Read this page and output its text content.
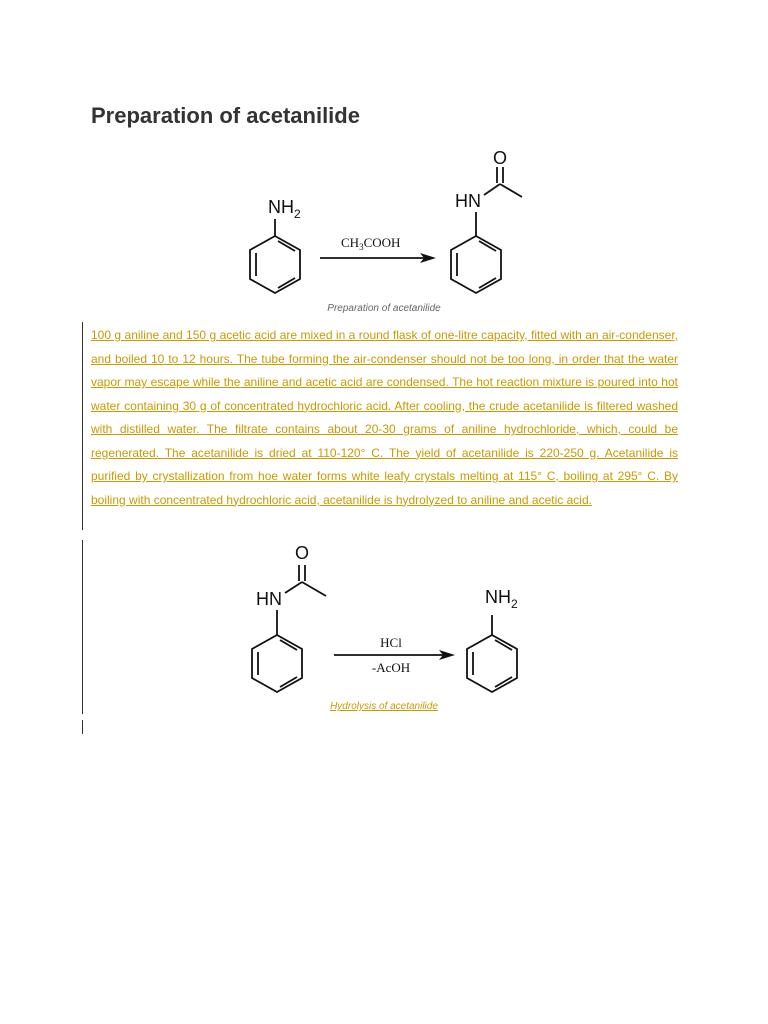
Preparation of acetanilide
$NH_2$
$CH_3COOH$
HN
O
Preparation of acetanilide

100 g aniline and 150 g acetic acid are mixed in a round flask of one-litre capacity, fitted with an air-condenser, and boiled 10 to 12 hours. The tube forming the air-condenser should not be too long, in order that the water vapor may escape while the aniline and acetic acid are condensed. The hot reaction mixture is poured into hot water containing 30 g of concentrated hydrochloric acid. After cooling, the crude acetanilide is filtered washed with distilled water. The filtrate contains about 20-30 grams of aniline hydrochloride, which, could be regenerated. The acetanilide is dried at 110-120° C. The yield of acetanilide is 220-250 g. Acetanilide is purified by crystallization from hoe water forms white leafy crystals melting at 115° C, boiling at 295° C. By boiling with concentrated hydrochloric acid, acetanilide is hydrolyzed to aniline and acetic acid.

HN
O
HCl
-AcOH
$NH_2$
Hydrolysis of acetanilide
